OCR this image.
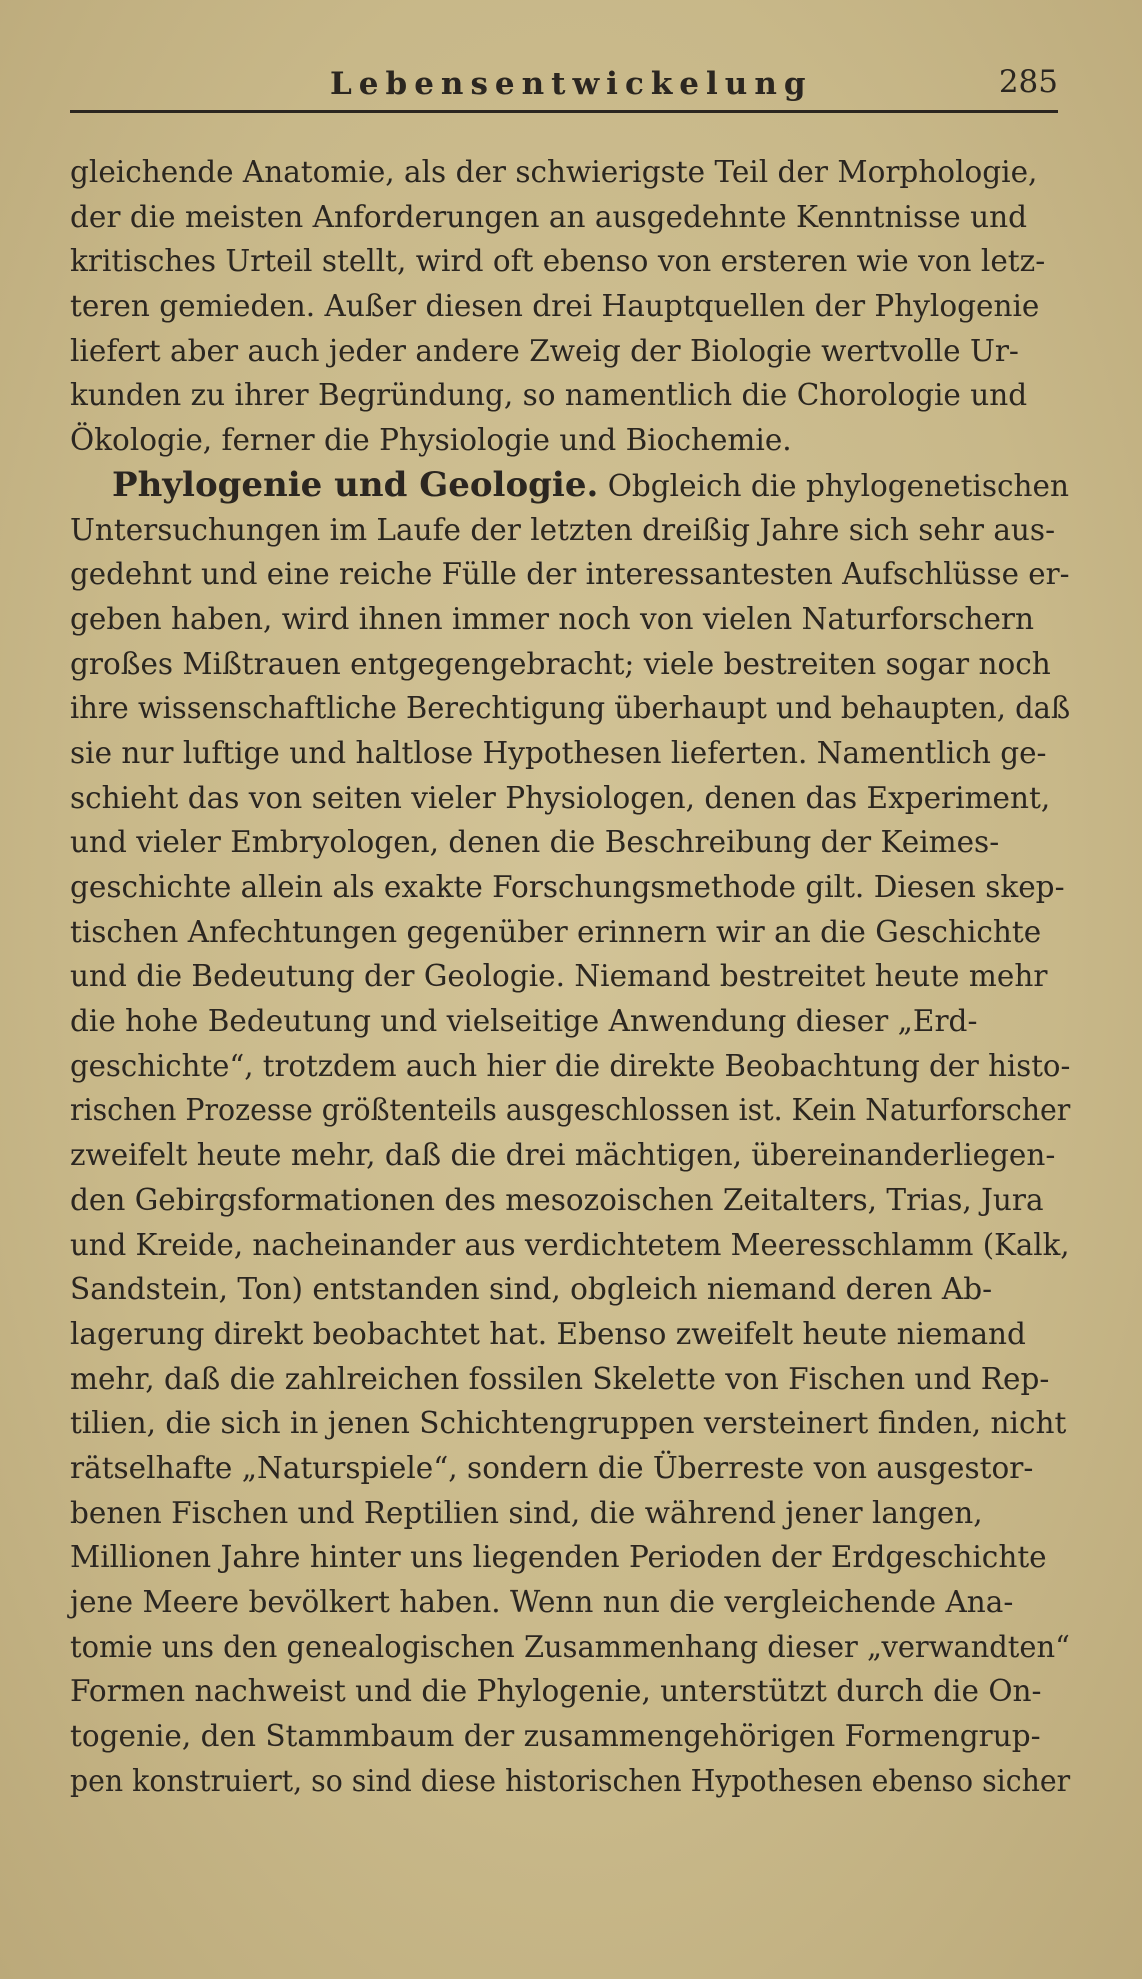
Lebensentwickelung	285
gleichende Anatomie, als der schwierigste Teil der Morphologie,
der die meisten Anforderungen an ausgedehnte Kenntnisse und
kritisches Urteil stellt, wird oft ebenso von ersteren wie von letz-
teren gemieden. Außer diesen drei Hauptquellen der Phylogenie
liefert aber auch jeder andere Zweig der Biologie wertvolle Ur-
kunden zu ihrer Begründung, so namentlich die Chorologie und
Ökologie, ferner die Physiologie und Biochemie.
Phylogenie und Geologie. Obgleich die phylogenetischen
Untersuchungen im Laufe der letzten dreißig Jahre sich sehr aus-
gedehnt und eine reiche Fülle der interessantesten Aufschlüsse er-
geben haben, wird ihnen immer noch von vielen Naturforschern
großes Mißtrauen entgegengebracht; viele bestreiten sogar noch
ihre wissenschaftliche Berechtigung überhaupt und behaupten, daß
sie nur luftige und haltlose Hypothesen lieferten. Namentlich ge-
schieht das von seiten vieler Physiologen, denen das Experiment,
und vieler Embryologen, denen die Beschreibung der Keimes-
geschichte allein als exakte Forschungsmethode gilt. Diesen skep-
tischen Anfechtungen gegenüber erinnern wir an die Geschichte
und die Bedeutung der Geologie. Niemand bestreitet heute mehr
die hohe Bedeutung und vielseitige Anwendung dieser „Erd-
geschichte“, trotzdem auch hier die direkte Beobachtung der histo-
rischen Prozesse größtenteils ausgeschlossen ist. Kein Naturforscher
zweifelt heute mehr, daß die drei mächtigen, übereinanderliegen-
den Gebirgsformationen des mesozoischen Zeitalters, Trias, Jura
und Kreide, nacheinander aus verdichtetem Meeresschlamm (Kalk,
Sandstein, Ton) entstanden sind, obgleich niemand deren Ab-
lagerung direkt beobachtet hat. Ebenso zweifelt heute niemand
mehr, daß die zahlreichen fossilen Skelette von Fischen und Rep-
tilien, die sich in jenen Schichtengruppen versteinert finden, nicht
rätselhafte „Naturspiele“, sondern die Überreste von ausgestor-
benen Fischen und Reptilien sind, die während jener langen,
Millionen Jahre hinter uns liegenden Perioden der Erdgeschichte
jene Meere bevölkert haben. Wenn nun die vergleichende Ana-
tomie uns den genealogischen Zusammenhang dieser „verwandten“
Formen nachweist und die Phylogenie, unterstützt durch die On-
togenie, den Stammbaum der zusammengehörigen Formengrup-
pen konstruiert, so sind diese historischen Hypothesen ebenso sicher
